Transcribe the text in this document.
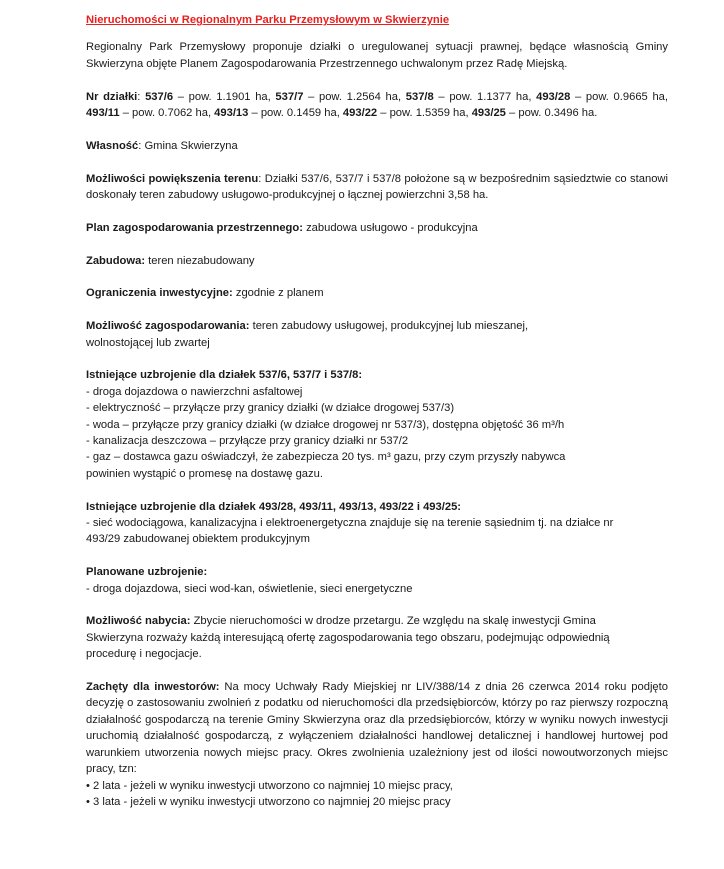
Nieruchomości w Regionalnym Parku Przemysłowym w Skwierzynie

Regionalny Park Przemysłowy proponuje działki o uregulowanej sytuacji prawnej, będące własnością Gminy Skwierzyna objęte Planem Zagospodarowania Przestrzennego uchwalonym przez Radę Miejską.

Nr działki: 537/6 – pow. 1.1901 ha, 537/7 – pow. 1.2564 ha, 537/8 – pow. 1.1377 ha, 493/28 – pow. 0.9665 ha, 493/11 – pow. 0.7062 ha, 493/13 – pow. 0.1459 ha, 493/22 – pow. 1.5359 ha, 493/25 – pow. 0.3496 ha.

Własność: Gmina Skwierzyna

Możliwości powiększenia terenu: Działki 537/6, 537/7 i 537/8 położone są w bezpośrednim sąsiedztwie co stanowi doskonały teren zabudowy usługowo-produkcyjnej o łącznej powierzchni 3,58 ha.

Plan zagospodarowania przestrzennego: zabudowa usługowo - produkcyjna

Zabudowa: teren niezabudowany

Ograniczenia inwestycyjne: zgodnie z planem

Możliwość zagospodarowania: teren zabudowy usługowej, produkcyjnej lub mieszanej, wolnostojącej lub zwartej

Istniejące uzbrojenie dla działek 537/6, 537/7 i 537/8:
- droga dojazdowa o nawierzchni asfaltowej
- elektryczność – przyłącze przy granicy działki (w działce drogowej 537/3)
- woda – przyłącze przy granicy działki (w działce drogowej nr 537/3), dostępna objętość 36 m³/h
- kanalizacja deszczowa – przyłącze przy granicy działki nr 537/2
- gaz – dostawca gazu oświadczył, że zabezpiecza 20 tys. m³ gazu, przy czym przyszły nabywca powinien wystąpić o promesę na dostawę gazu.

Istniejące uzbrojenie dla działek 493/28, 493/11, 493/13, 493/22 i 493/25:
- sieć wodociągowa, kanalizacyjna i elektroenergetyczna znajduje się na terenie sąsiednim tj. na działce nr 493/29 zabudowanej obiektem produkcyjnym

Planowane uzbrojenie:
- droga dojazdowa, sieci wod-kan, oświetlenie, sieci energetyczne

Możliwość nabycia: Zbycie nieruchomości w drodze przetargu. Ze względu na skalę inwestycji Gmina Skwierzyna rozważy każdą interesującą ofertę zagospodarowania tego obszaru, podejmując odpowiednią procedurę i negocjacje.

Zachęty dla inwestorów: Na mocy Uchwały Rady Miejskiej nr LIV/388/14 z dnia 26 czerwca 2014 roku podjęto decyzję o zastosowaniu zwolnień z podatku od nieruchomości dla przedsiębiorców, którzy po raz pierwszy rozpoczną działalność gospodarczą na terenie Gminy Skwierzyna oraz dla przedsiębiorców, którzy w wyniku nowych inwestycji uruchomią działalność gospodarczą, z wyłączeniem działalności handlowej detalicznej i handlowej hurtowej pod warunkiem utworzenia nowych miejsc pracy. Okres zwolnienia uzależniony jest od ilości nowoutworzonych miejsc pracy, tzn:

• 2 lata - jeżeli w wyniku inwestycji utworzono co najmniej 10 miejsc pracy,
• 3 lata - jeżeli w wyniku inwestycji utworzono co najmniej 20 miejsc pracy
